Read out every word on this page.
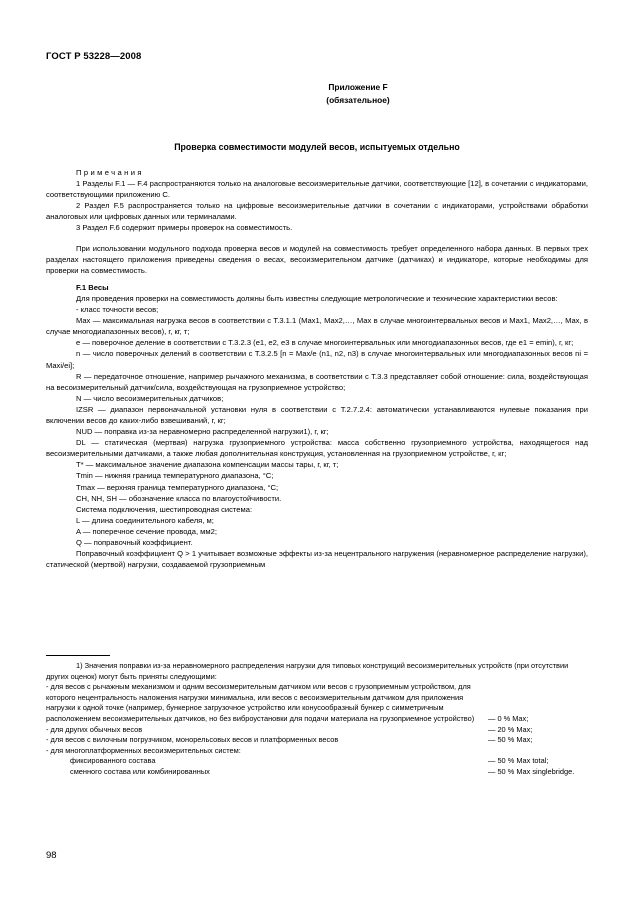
ГОСТ Р 53228—2008
Приложение F
(обязательное)
Проверка совместимости модулей весов, испытуемых отдельно

Примечания

1 Разделы F.1 — F.4 распространяются только на аналоговые весоизмерительные датчики, соответствующие [12], в сочетании с индикаторами, соответствующими приложению С.

2 Раздел F.5 распространяется только на цифровые весоизмерительные датчики в сочетании с индикаторами, устройствами обработки аналоговых или цифровых данных или терминалами.

3 Раздел F.6 содержит примеры проверок на совместимость.

При использовании модульного подхода проверка весов и модулей на совместимость требует определенного набора данных. В первых трех разделах настоящего приложения приведены сведения о весах, весоизмерительном датчике (датчиках) и индикаторе, которые необходимы для проверки на совместимость.

F.1 Весы

Для проведения проверки на совместимость должны быть известны следующие метрологические и технические характеристики весов:

- класс точности весов;

Max — максимальная нагрузка весов в соответствии с Т.3.1.1 (Max1, Max2,…, Max в случае многоинтервальных весов и Max1, Max2,…, Max, в случае многодиапазонных весов), г, кг, т;

e — поверочное деление в соответствии с Т.3.2.3 (e1, e2, e3 в случае многоинтервальных или многодиапазонных весов, где e1 = emin), г, кг;

n — число поверочных делений в соответствии с Т.3.2.5 [n = Max/e (n1, n2, n3) в случае многоинтервальных или многодиапазонных весов ni = Maxi/ei];

R — передаточное отношение, например рычажного механизма, в соответствии с Т.3.3 представляет собой отношение: сила, воздействующая на весоизмерительный датчик/сила, воздействующая на грузоприемное устройство;

N — число весоизмерительных датчиков;

IZSR — диапазон первоначальной установки нуля в соответствии с Т.2.7.2.4: автоматически устанавливаются нулевые показания при включении весов до каких-либо взвешиваний, г, кг;

NUD — поправка из-за неравномерно распределенной нагрузки1), г, кг;

DL — статическая (мертвая) нагрузка грузоприемного устройства: масса собственно грузоприемного устройства, находящегося над весоизмерительными датчиками, а также любая дополнительная конструкция, установленная на грузоприемном устройстве, г, кг;

Т* — максимальное значение диапазона компенсации массы тары, г, кг, т;

Tmin — нижняя граница температурного диапазона, °С;

Tmax — верхняя граница температурного диапазона, °С;

CH, NH, SH — обозначение класса по влагоустойчивости.

Система подключения, шестипроводная система:

L — длина соединительного кабеля, м;

A — поперечное сечение провода, мм2;

Q — поправочный коэффициент.

Поправочный коэффициент Q > 1 учитывает возможные эффекты из-за нецентрального нагружения (неравномерное распределение нагрузки), статической (мертвой) нагрузки, создаваемой грузоприемным

1) Значения поправки из-за неравномерного распределения нагрузки для типовых конструкций весоизмерительных устройств (при отсутствии других оценок) могут быть приняты следующими:

- для весов с рычажным механизмом и одним весоизмерительным датчиком или весов с грузоприемным устройством, для которого нецентральность наложения нагрузки минимальна, или весов с весоизмерительным датчиком для приложения нагрузки к одной точке (например, бункерное загрузочное устройство или конусообразный бункер с симметричным расположением весоизмерительных датчиков, но без виброустановки для подачи материала на грузоприемное устройство) — 0 % Max;
- для других обычных весов	— 20 % Max;
- для весов с вилочным погрузчиком, монорельсовых весов и платформенных весов	— 50 % Max;
- для многоплатформенных весоизмерительных систем:
фиксированного состава	— 50 % Max total;
сменного состава или комбинированных	— 50 % Max singlebridge.
98
